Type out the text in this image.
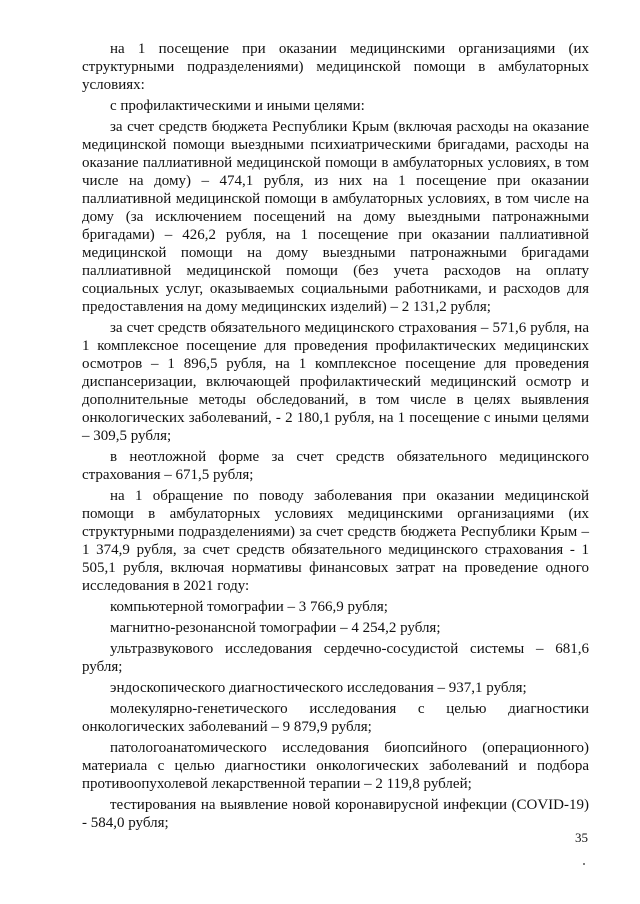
на 1 посещение при оказании медицинскими организациями (их структурными подразделениями) медицинской помощи в амбулаторных условиях:

с профилактическими и иными целями:

за счет средств бюджета Республики Крым (включая расходы на оказание медицинской помощи выездными психиатрическими бригадами, расходы на оказание паллиативной медицинской помощи в амбулаторных условиях, в том числе на дому) – 474,1 рубля, из них на 1 посещение при оказании паллиативной медицинской помощи в амбулаторных условиях, в том числе на дому (за исключением посещений на дому выездными патронажными бригадами) – 426,2 рубля, на 1 посещение при оказании паллиативной медицинской помощи на дому выездными патронажными бригадами паллиативной медицинской помощи (без учета расходов на оплату социальных услуг, оказываемых социальными работниками, и расходов для предоставления на дому медицинских изделий) – 2 131,2 рубля;

за счет средств обязательного медицинского страхования – 571,6 рубля, на 1 комплексное посещение для проведения профилактических медицинских осмотров – 1 896,5 рубля, на 1 комплексное посещение для проведения диспансеризации, включающей профилактический медицинский осмотр и дополнительные методы обследований, в том числе в целях выявления онкологических заболеваний, - 2 180,1 рубля, на 1 посещение с иными целями – 309,5 рубля;

в неотложной форме за счет средств обязательного медицинского страхования – 671,5 рубля;

на 1 обращение по поводу заболевания при оказании медицинской помощи в амбулаторных условиях медицинскими организациями (их структурными подразделениями) за счет средств бюджета Республики Крым – 1 374,9 рубля, за счет средств обязательного медицинского страхования - 1 505,1 рубля, включая нормативы финансовых затрат на проведение одного исследования в 2021 году:

компьютерной томографии – 3 766,9 рубля;

магнитно-резонансной томографии – 4 254,2 рубля;

ультразвукового исследования сердечно-сосудистой системы – 681,6 рубля;

эндоскопического диагностического исследования – 937,1 рубля;

молекулярно-генетического исследования с целью диагностики онкологических заболеваний – 9 879,9 рубля;

патологоанатомического исследования биопсийного (операционного) материала с целью диагностики онкологических заболеваний и подбора противоопухолевой лекарственной терапии – 2 119,8 рублей;

тестирования на выявление новой коронавирусной инфекции (COVID-19) - 584,0 рубля;

35
